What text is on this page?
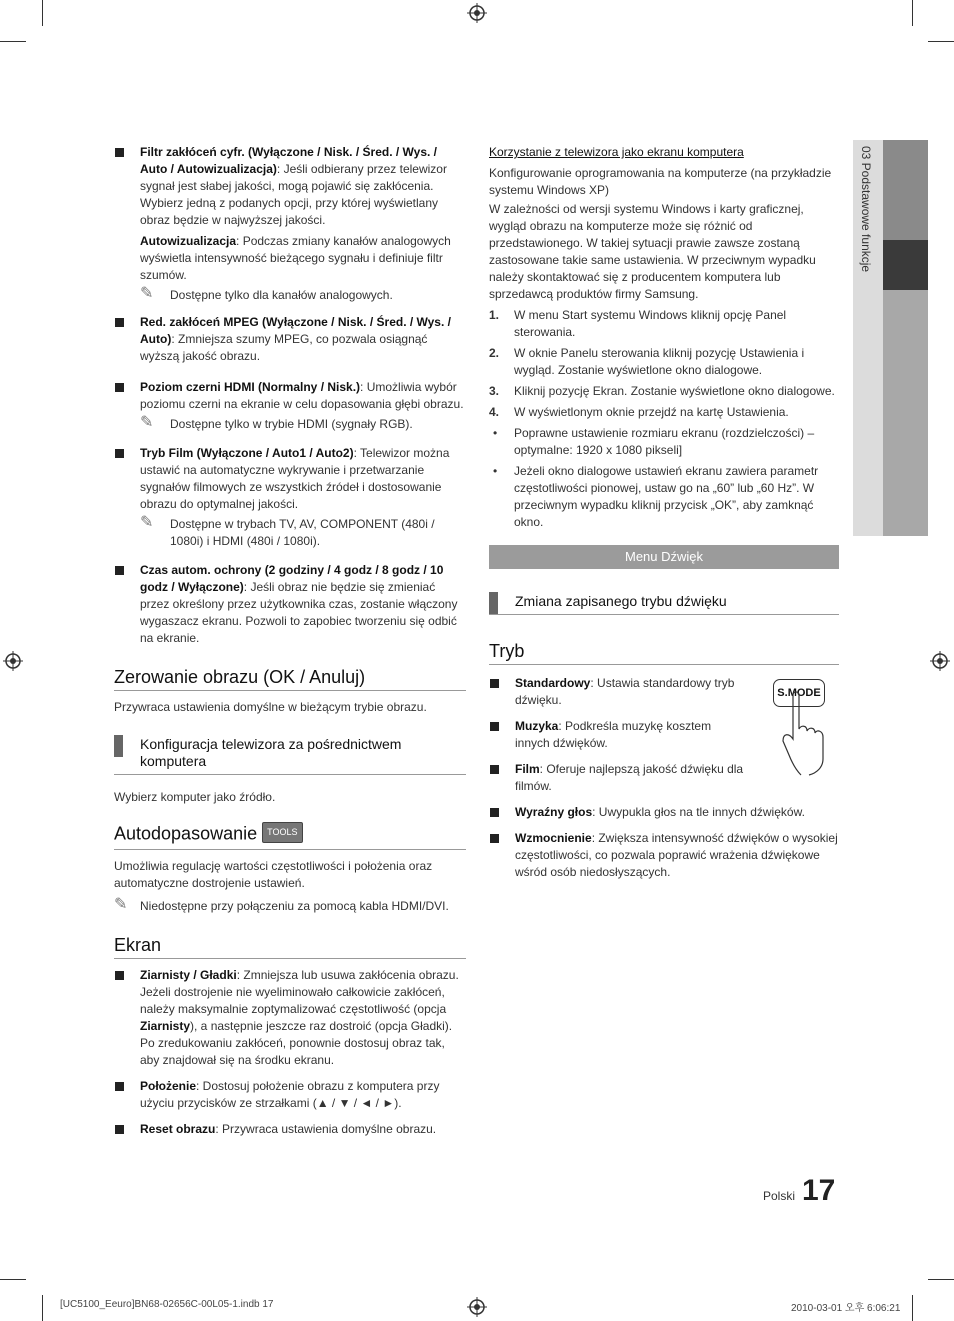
03 Podstawowe funkcje
Filtr zakłóceń cyfr. (Wyłączone / Nisk. / Śred. / Wys. / Auto / Autowizualizacja): Jeśli odbierany przez telewizor sygnał jest słabej jakości, mogą pojawić się zakłócenia. Wybierz jedną z podanych opcji, przy której wyświetlany obraz będzie w najwyższej jakości.
Autowizualizacja: Podczas zmiany kanałów analogowych wyświetla intensywność bieżącego sygnału i definiuje filtr szumów.
✎ Dostępne tylko dla kanałów analogowych.
Red. zakłóceń MPEG (Wyłączone / Nisk. / Śred. / Wys. / Auto): Zmniejsza szumy MPEG, co pozwala osiągnąć wyższą jakość obrazu.
Poziom czerni HDMI (Normalny / Nisk.): Umożliwia wybór poziomu czerni na ekranie w celu dopasowania głębi obrazu.
✎ Dostępne tylko w trybie HDMI (sygnały RGB).
Tryb Film (Wyłączone / Auto1 / Auto2): Telewizor można ustawić na automatyczne wykrywanie i przetwarzanie sygnałów filmowych ze wszystkich źródeł i dostosowanie obrazu do optymalnej jakości.
✎ Dostępne w trybach TV, AV, COMPONENT (480i / 1080i) i HDMI (480i / 1080i).
Czas autom. ochrony (2 godziny / 4 godz / 8 godz / 10 godz / Wyłączone): Jeśli obraz nie będzie się zmieniać przez określony przez użytkownika czas, zostanie włączony wygaszacz ekranu. Pozwoli to zapobiec tworzeniu się odbić na ekranie.
Zerowanie obrazu (OK / Anuluj)
Przywraca ustawienia domyślne w bieżącym trybie obrazu.
Konfiguracja telewizora za pośrednictwem komputera
Wybierz komputer jako źródło.
Autodopasowanie TOOLS
Umożliwia regulację wartości częstotliwości i położenia oraz automatyczne dostrojenie ustawień.
✎ Niedostępne przy połączeniu za pomocą kabla HDMI/DVI.
Ekran
Ziarnisty / Gładki: Zmniejsza lub usuwa zakłócenia obrazu. Jeżeli dostrojenie nie wyeliminowało całkowicie zakłóceń, należy maksymalnie zoptymalizować częstotliwość (opcja Ziarnisty), a następnie jeszcze raz dostroić (opcja Gładki). Po zredukowaniu zakłóceń, ponownie dostosuj obraz tak, aby znajdował się na środku ekranu.
Położenie: Dostosuj położenie obrazu z komputera przy użyciu przycisków ze strzałkami (▲ / ▼ / ◄ / ►).
Reset obrazu: Przywraca ustawienia domyślne obrazu.
Korzystanie z telewizora jako ekranu komputera
Konfigurowanie oprogramowania na komputerze (na przykładzie systemu Windows XP)
W zależności od wersji systemu Windows i karty graficznej, wygląd obrazu na komputerze może się różnić od przedstawionego. W takiej sytuacji prawie zawsze zostaną zastosowane takie same ustawienia. W przeciwnym wypadku należy skontaktować się z producentem komputera lub sprzedawcą produktów firmy Samsung.
1. W menu Start systemu Windows kliknij opcję Panel sterowania.
2. W oknie Panelu sterowania kliknij pozycję Ustawienia i wygląd. Zostanie wyświetlone okno dialogowe.
3. Kliknij pozycję Ekran. Zostanie wyświetlone okno dialogowe.
4. W wyświetlonym oknie przejdź na kartę Ustawienia.
• Poprawne ustawienie rozmiaru ekranu (rozdzielczości) – optymalne: 1920 x 1080 pikseli]
• Jeżeli okno dialogowe ustawień ekranu zawiera parametr częstotliwości pionowej, ustaw go na „60” lub „60 Hz”. W przeciwnym wypadku kliknij przycisk „OK”, aby zamknąć okno.
Menu Dźwięk
Zmiana zapisanego trybu dźwięku
Tryb
Standardowy: Ustawia standardowy tryb dźwięku.
Muzyka: Podkreśla muzykę kosztem innych dźwięków.
Film: Oferuje najlepszą jakość dźwięku dla filmów.
Wyraźny głos: Uwypukla głos na tle innych dźwięków.
Wzmocnienie: Zwiększa intensywność dźwięków o wysokiej częstotliwości, co pozwala poprawić wrażenia dźwiękowe wśród osób niedosłyszących.
S.MODE
Polski 17
[UC5100_Eeuro]BN68-02656C-00L05-1.indb 17	2010-03-01 오후 6:06:21
